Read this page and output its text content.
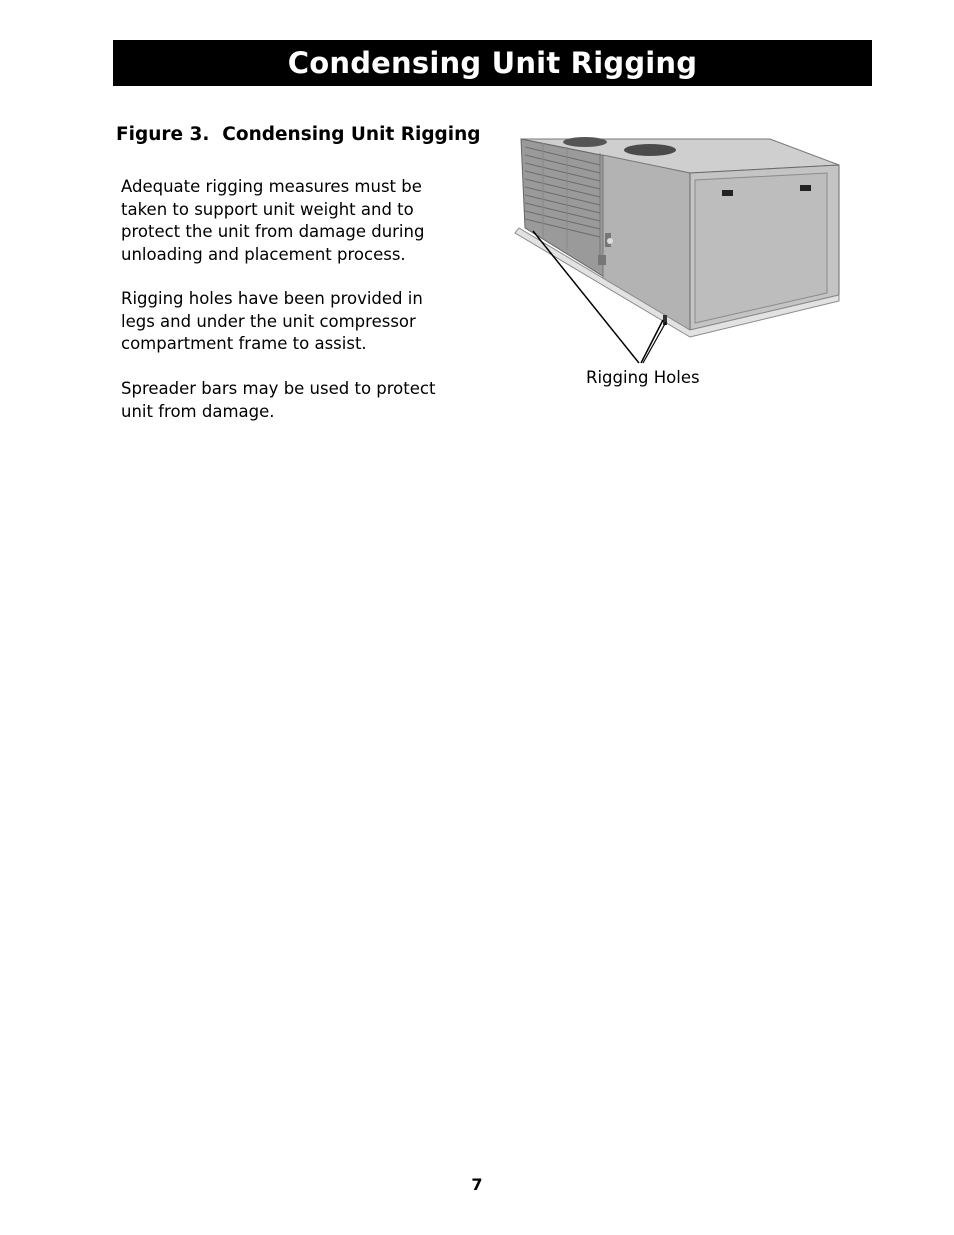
Condensing Unit Rigging
Figure 3.  Condensing Unit Rigging

Adequate rigging measures must be taken to support unit weight and to protect the unit from damage during unloading and placement process.

Rigging holes have been provided in legs and under the unit compressor compartment frame to assist.

Spreader bars may be used to protect unit from damage.

Rigging Holes
7
